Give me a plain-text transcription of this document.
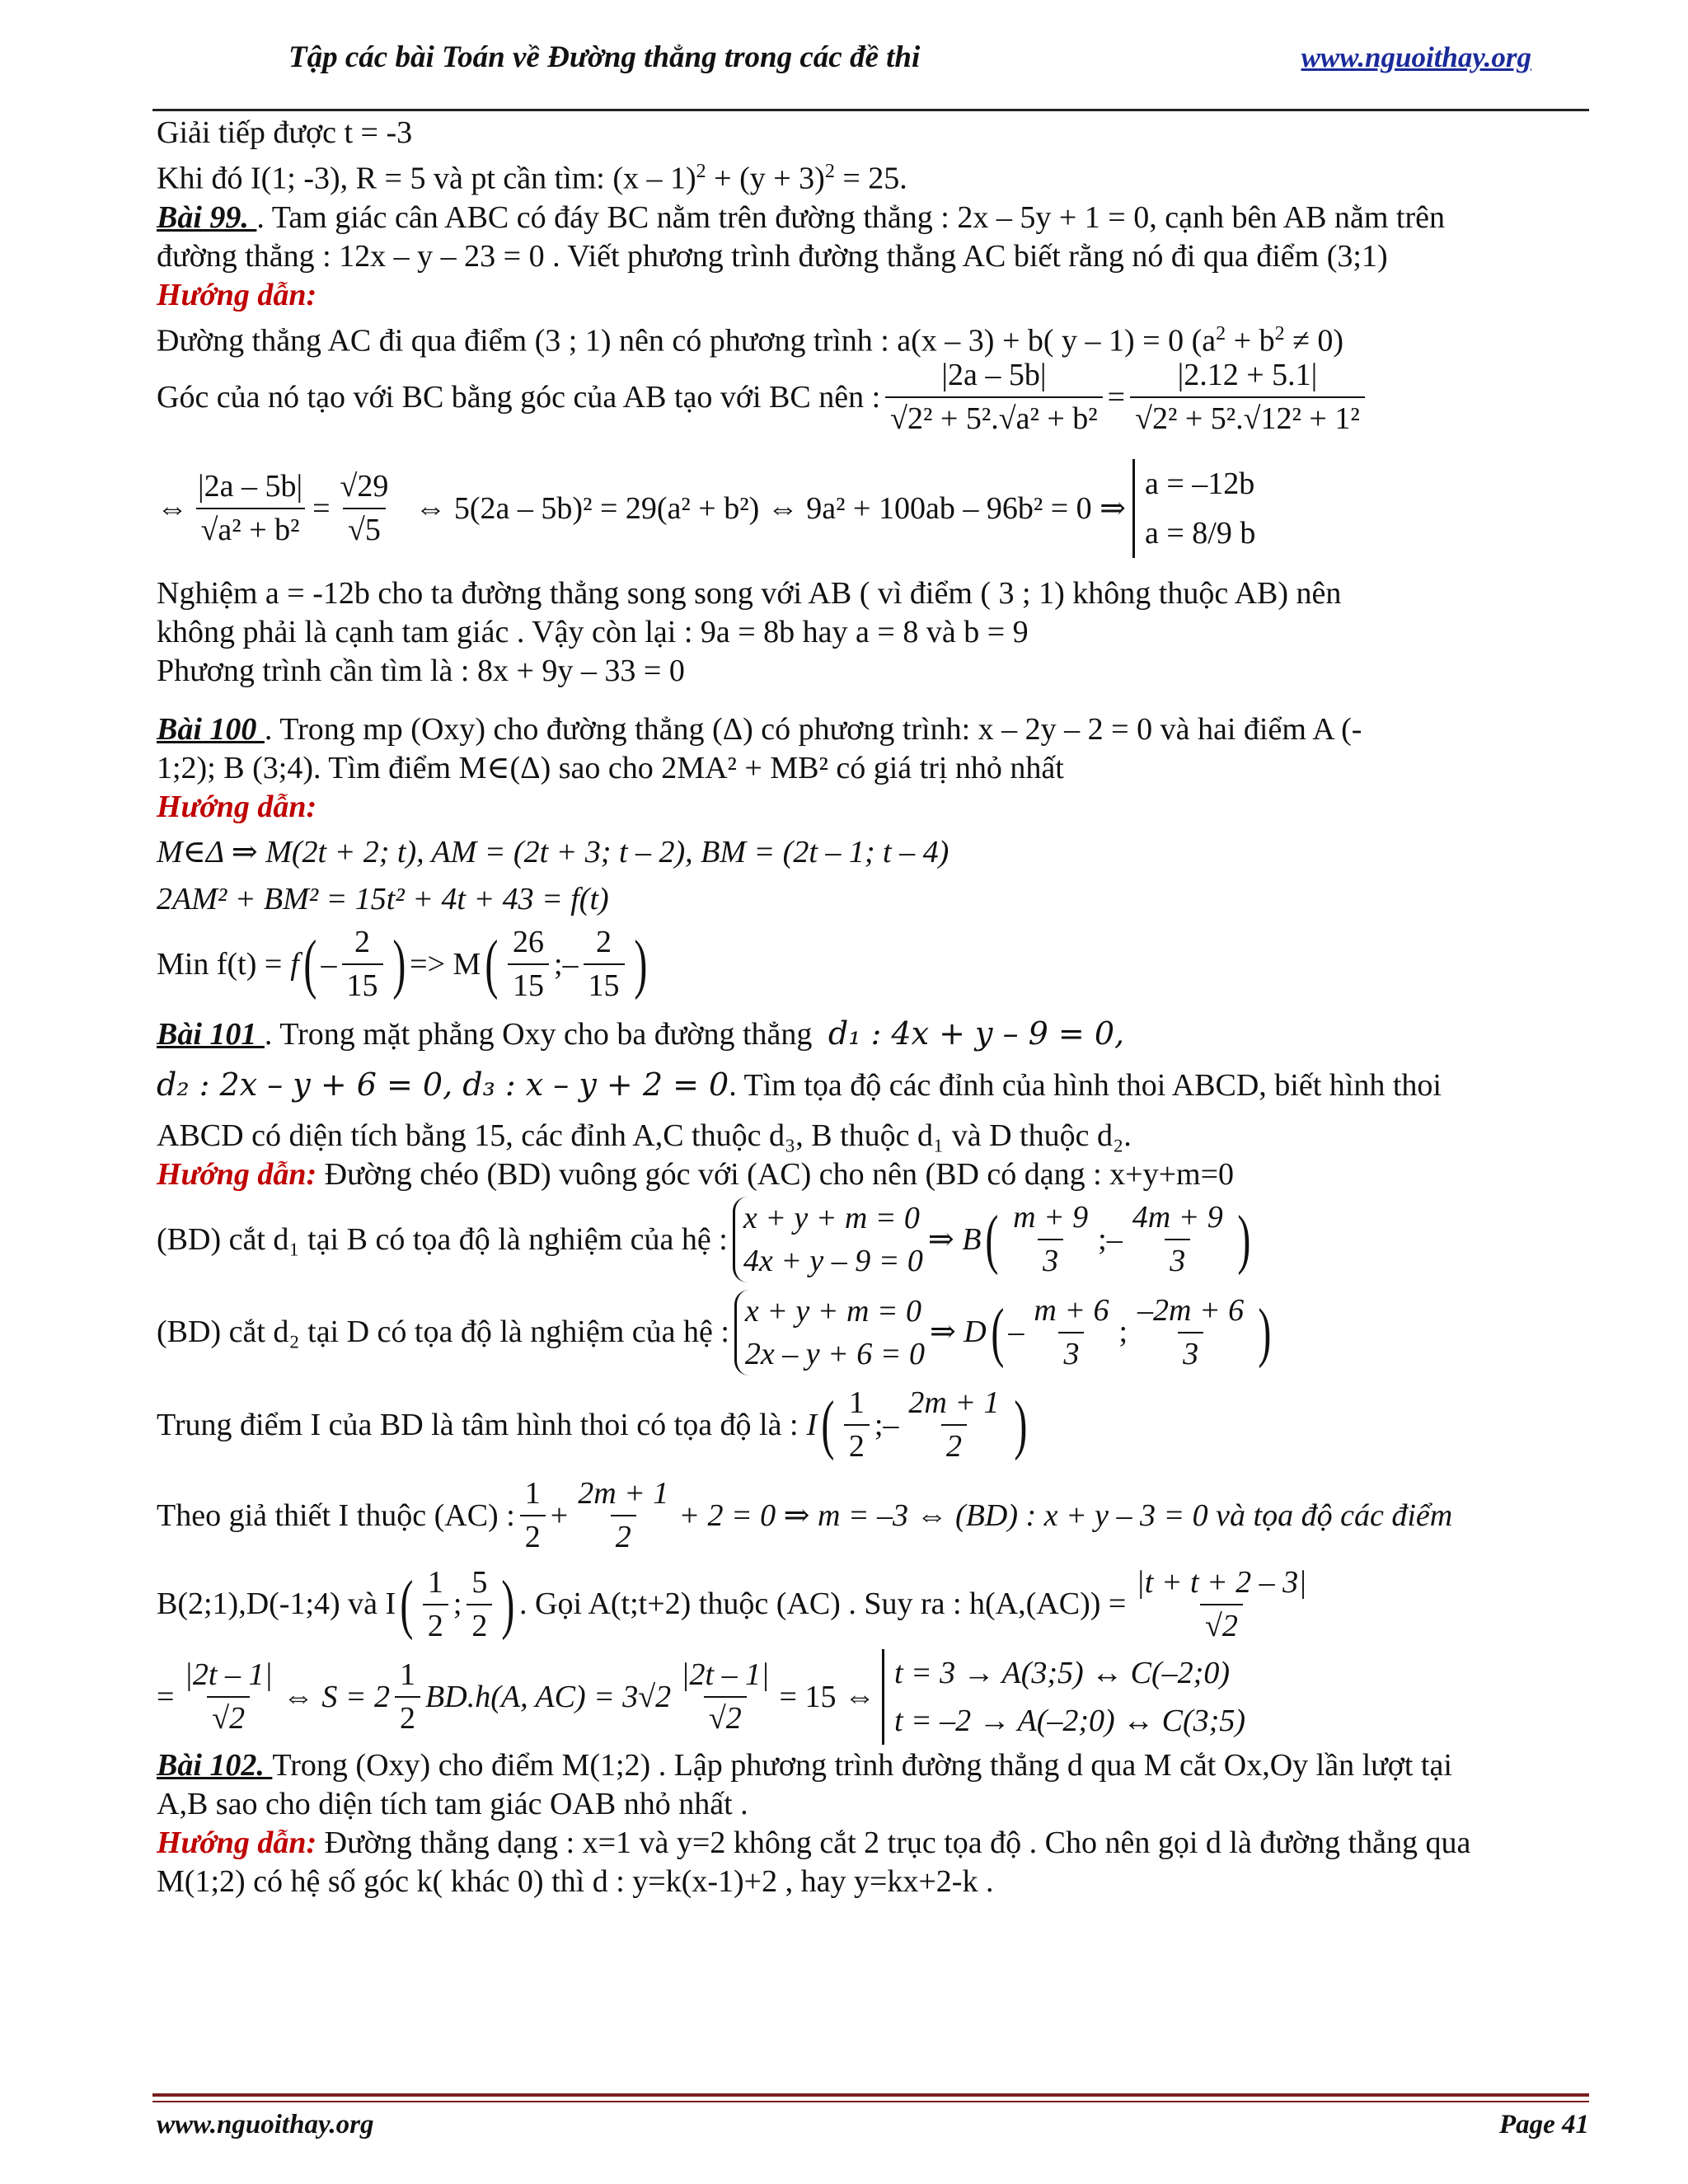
Tập các bài Toán về Đường thẳng trong các đề thi	www.nguoithay.org
Giải tiếp được t = -3
Khi đó I(1; -3), R = 5 và pt cần tìm: $(x - 1)^2 + (y + 3)^2 = 25$.
Bài 99. . Tam giác cân ABC có đáy BC nằm trên đường thẳng : 2x – 5y + 1 = 0, cạnh bên AB nằm trên
đường thẳng : 12x – y – 23 = 0 . Viết phương trình đường thẳng AC biết rằng nó đi qua điểm (3;1)
Hướng dẫn:
Đường thẳng AC đi qua điểm (3 ; 1) nên có phương trình : a(x – 3) + b( y – 1) = 0 $(a^2 + b^2 \ne 0)$
Góc của nó tạo với BC bằng góc của AB tạo với BC nên : $\frac{|2a - 5b|}{\text{√2² + 5².√a² + b²}} = \frac{|2.12 + 5.1|}{\text{√2² + 5².√12² + 1²}}$
⇔ $\frac{|2a - 5b|}{\text{√a² + b²}} = \frac{√29}{√5}$ ⇔ 5(2a – 5b)² = 29(a² + b²) ⇔ 9a² + 100ab – 96b² = 0 ⇒
a = –12b
a = 8/9 b
Nghiệm a = -12b cho ta đường thẳng song song với AB ( vì điểm ( 3 ; 1) không thuộc AB) nên
không phải là cạnh tam giác . Vậy còn lại : 9a = 8b hay a = 8 và b = 9
Phương trình cần tìm là : 8x + 9y – 33 = 0
Bài 100 . Trong mp (Oxy) cho đường thẳng (Δ) có phương trình: x – 2y – 2 = 0 và hai điểm A (-
1;2); B (3;4). Tìm điểm M∈(Δ) sao cho 2MA² + MB² có giá trị nhỏ nhất
Hướng dẫn:
M∈Δ ⇒ M(2t + 2; t), AM = (2t + 3; t – 2), BM = (2t – 1; t – 4)
2AM² + BM² = 15t² + 4t + 43 = f(t)
Min f(t) = f ( – $\frac{2}{15}$ ) => M ( $\frac{26}{15}$ ;– $\frac{2}{15}$ )
Bài 101 . Trong mặt phẳng Oxy cho ba đường thẳng d₁ : 4x + y – 9 = 0,
d₂ : 2x – y + 6 = 0, d₃ : x – y + 2 = 0. Tìm tọa độ các đỉnh của hình thoi ABCD, biết hình thoi
ABCD có diện tích bằng 15, các đỉnh A,C thuộc d₃, B thuộc d₁ và D thuộc d₂.
Hướng dẫn: Đường chéo (BD) vuông góc với (AC) cho nên (BD có dạng : x+y+m=0
(BD) cắt d₁ tại B có tọa độ là nghiệm của hệ :
x + y + m = 0
4x + y – 9 = 0
⇒ B ( $\frac{m + 9}{3}$ ;– $\frac{4m + 9}{3}$ )
(BD) cắt d₂ tại D có tọa độ là nghiệm của hệ :
x + y + m = 0
2x – y + 6 = 0
⇒ D ( – $\frac{m + 6}{3}$ ; $\frac{-2m + 6}{3}$ )
Trung điểm I của BD là tâm hình thoi có tọa độ là : I ( $\frac{1}{2}$ ;– $\frac{2m + 1}{2}$ )
Theo giả thiết I thuộc (AC) : $\frac{1}{2} + \frac{2m + 1}{2} + 2 = 0$ ⇒ m = –3 ⇔ (BD) : x + y – 3 = 0 và tọa độ các điểm
B(2;1),D(-1;4) và I ( $\frac{1}{2}$ ; $\frac{5}{2}$ ) . Gọi A(t;t+2) thuộc (AC) . Suy ra : $h(A,(AC)) = \frac{|t + t + 2 - 3|}{√2}$
= $\frac{|2t - 1|}{√2}$ ⇔ $S = 2 \frac{1}{2} BD.h(A$, $AC) = 3√2 \frac{|2t - 1|}{√2} = 15$ ⇔
t = 3 → A(3;5) ↔ C(–2;0)
t = –2 → A(–2;0) ↔ C(3;5)
Bài 102. Trong (Oxy) cho điểm M(1;2) . Lập phương trình đường thẳng d qua M cắt Ox,Oy lần lượt tại
A,B sao cho diện tích tam giác OAB nhỏ nhất .
Hướng dẫn: Đường thẳng dạng : x=1 và y=2 không cắt 2 trục tọa độ . Cho nên gọi d là đường thẳng qua
M(1;2) có hệ số góc k( khác 0) thì d : y=k(x-1)+2 , hay y=kx+2-k .
www.nguoithay.org	Page 41
